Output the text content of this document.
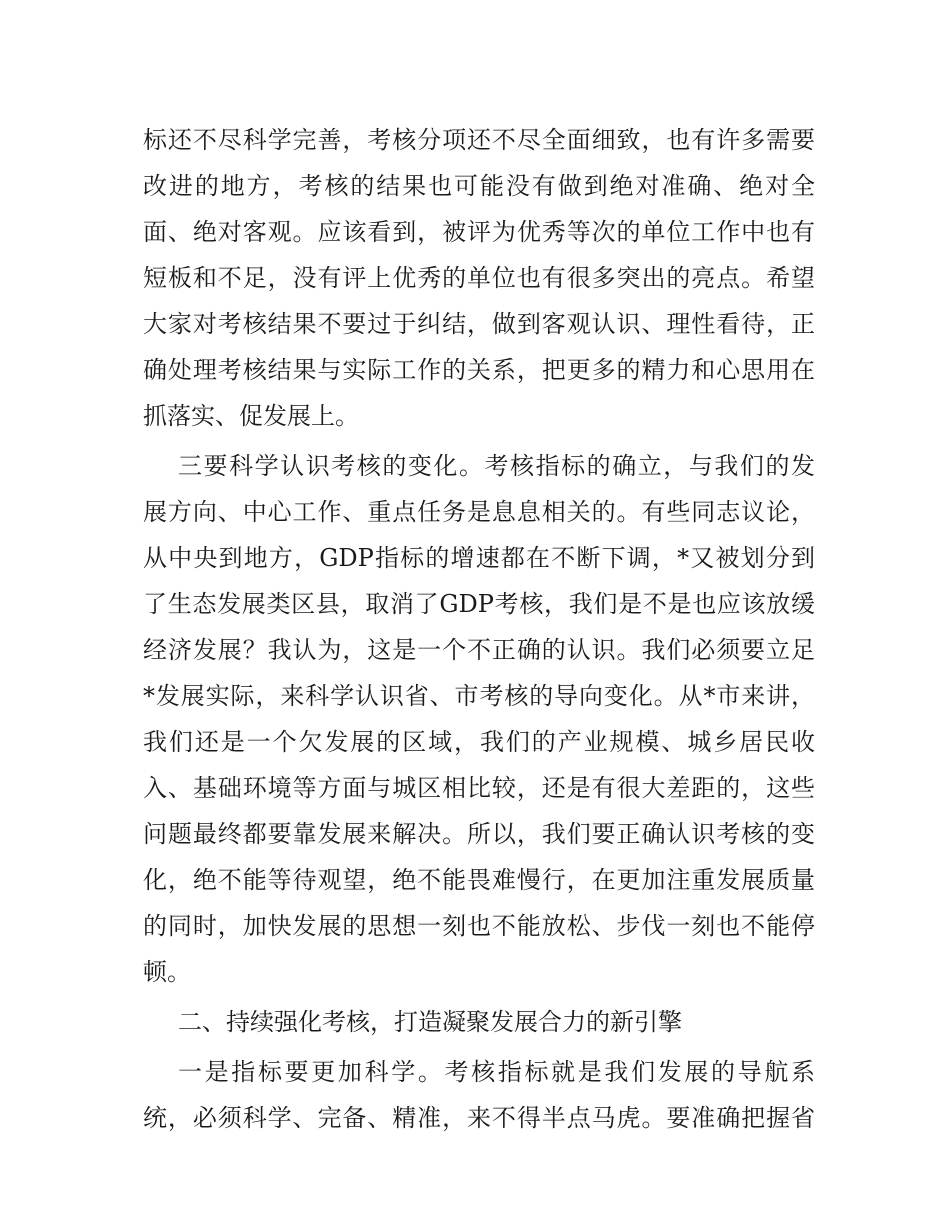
标还不尽科学完善，考核分项还不尽全面细致，也有许多需要
改进的地方，考核的结果也可能没有做到绝对准确、绝对全
面、绝对客观。应该看到，被评为优秀等次的单位工作中也有
短板和不足，没有评上优秀的单位也有很多突出的亮点。希望
大家对考核结果不要过于纠结，做到客观认识、理性看待，正
确处理考核结果与实际工作的关系，把更多的精力和心思用在
抓落实、促发展上。
三要科学认识考核的变化。考核指标的确立，与我们的发
展方向、中心工作、重点任务是息息相关的。有些同志议论，
从中央到地方，GDP指标的增速都在不断下调，*又被划分到
了生态发展类区县，取消了GDP考核，我们是不是也应该放缓
经济发展？我认为，这是一个不正确的认识。我们必须要立足
*发展实际，来科学认识省、市考核的导向变化。从*市来讲，
我们还是一个欠发展的区域，我们的产业规模、城乡居民收
入、基础环境等方面与城区相比较，还是有很大差距的，这些
问题最终都要靠发展来解决。所以，我们要正确认识考核的变
化，绝不能等待观望，绝不能畏难慢行，在更加注重发展质量
的同时，加快发展的思想一刻也不能放松、步伐一刻也不能停
顿。
二、持续强化考核，打造凝聚发展合力的新引擎
一是指标要更加科学。考核指标就是我们发展的导航系
统，必须科学、完备、精准，来不得半点马虎。要准确把握省
